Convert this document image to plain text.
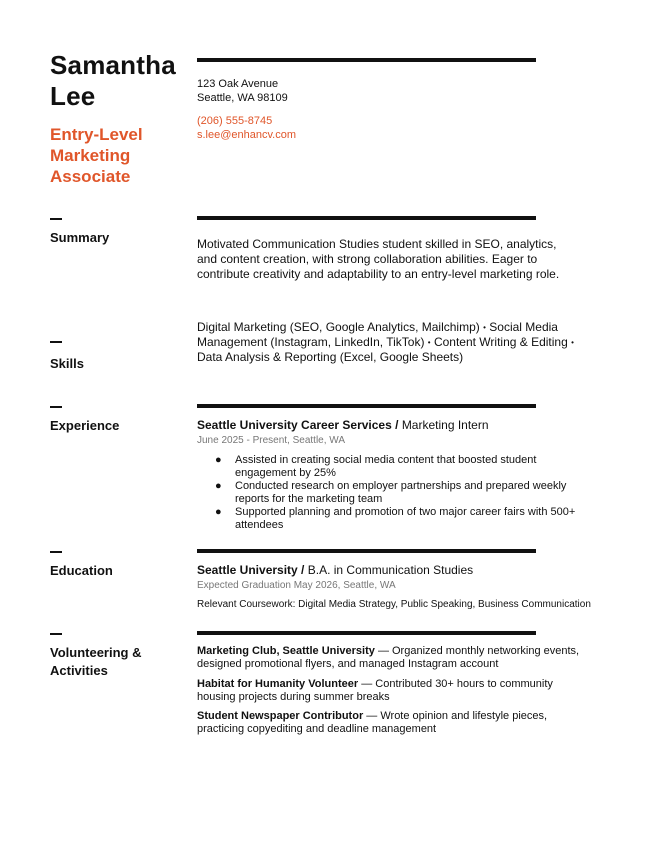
Samantha
Lee
Entry-Level
Marketing
Associate
123 Oak Avenue
Seattle, WA 98109
(206) 555-8745
s.lee@enhancv.com
Summary	Motivated Communication Studies student skilled in SEO, analytics, and content creation, with strong collaboration abilities. Eager to contribute creativity and adaptability to an entry-level marketing role.
Skills
Digital Marketing (SEO, Google Analytics, Mailchimp) • Social Media Management (Instagram, LinkedIn, TikTok) • Content Writing & Editing • Data Analysis & Reporting (Excel, Google Sheets)
Experience	Seattle University Career Services / Marketing Intern
June 2025 - Present, Seattle, WA
● Assisted in creating social media content that boosted student engagement by 25%
● Conducted research on employer partnerships and prepared weekly reports for the marketing team
● Supported planning and promotion of two major career fairs with 500+ attendees
Education	Seattle University / B.A. in Communication Studies
Expected Graduation May 2026, Seattle, WA
Relevant Coursework: Digital Media Strategy, Public Speaking, Business Communication
Volunteering &
Activities
Marketing Club, Seattle University — Organized monthly networking events, designed promotional flyers, and managed Instagram account
Habitat for Humanity Volunteer — Contributed 30+ hours to community housing projects during summer breaks
Student Newspaper Contributor — Wrote opinion and lifestyle pieces, practicing copyediting and deadline management
